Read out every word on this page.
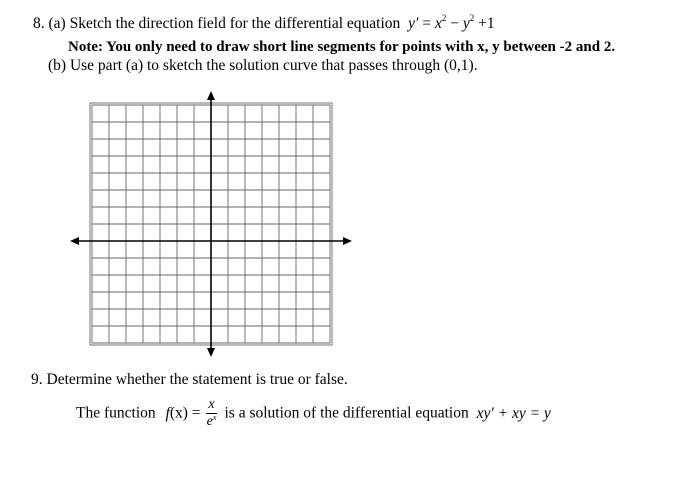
8. (a) Sketch the direction field for the differential equation $y' = x^2 - y^2 +1$
Note: You only need to draw short line segments for points with x, y between -2 and 2.
(b) Use part (a) to sketch the solution curve that passes through (0,1).
9. Determine whether the statement is true or false.
The function $f(x) = \frac{x}{e^x}$ is a solution of the differential equation xy′ + xy = y
